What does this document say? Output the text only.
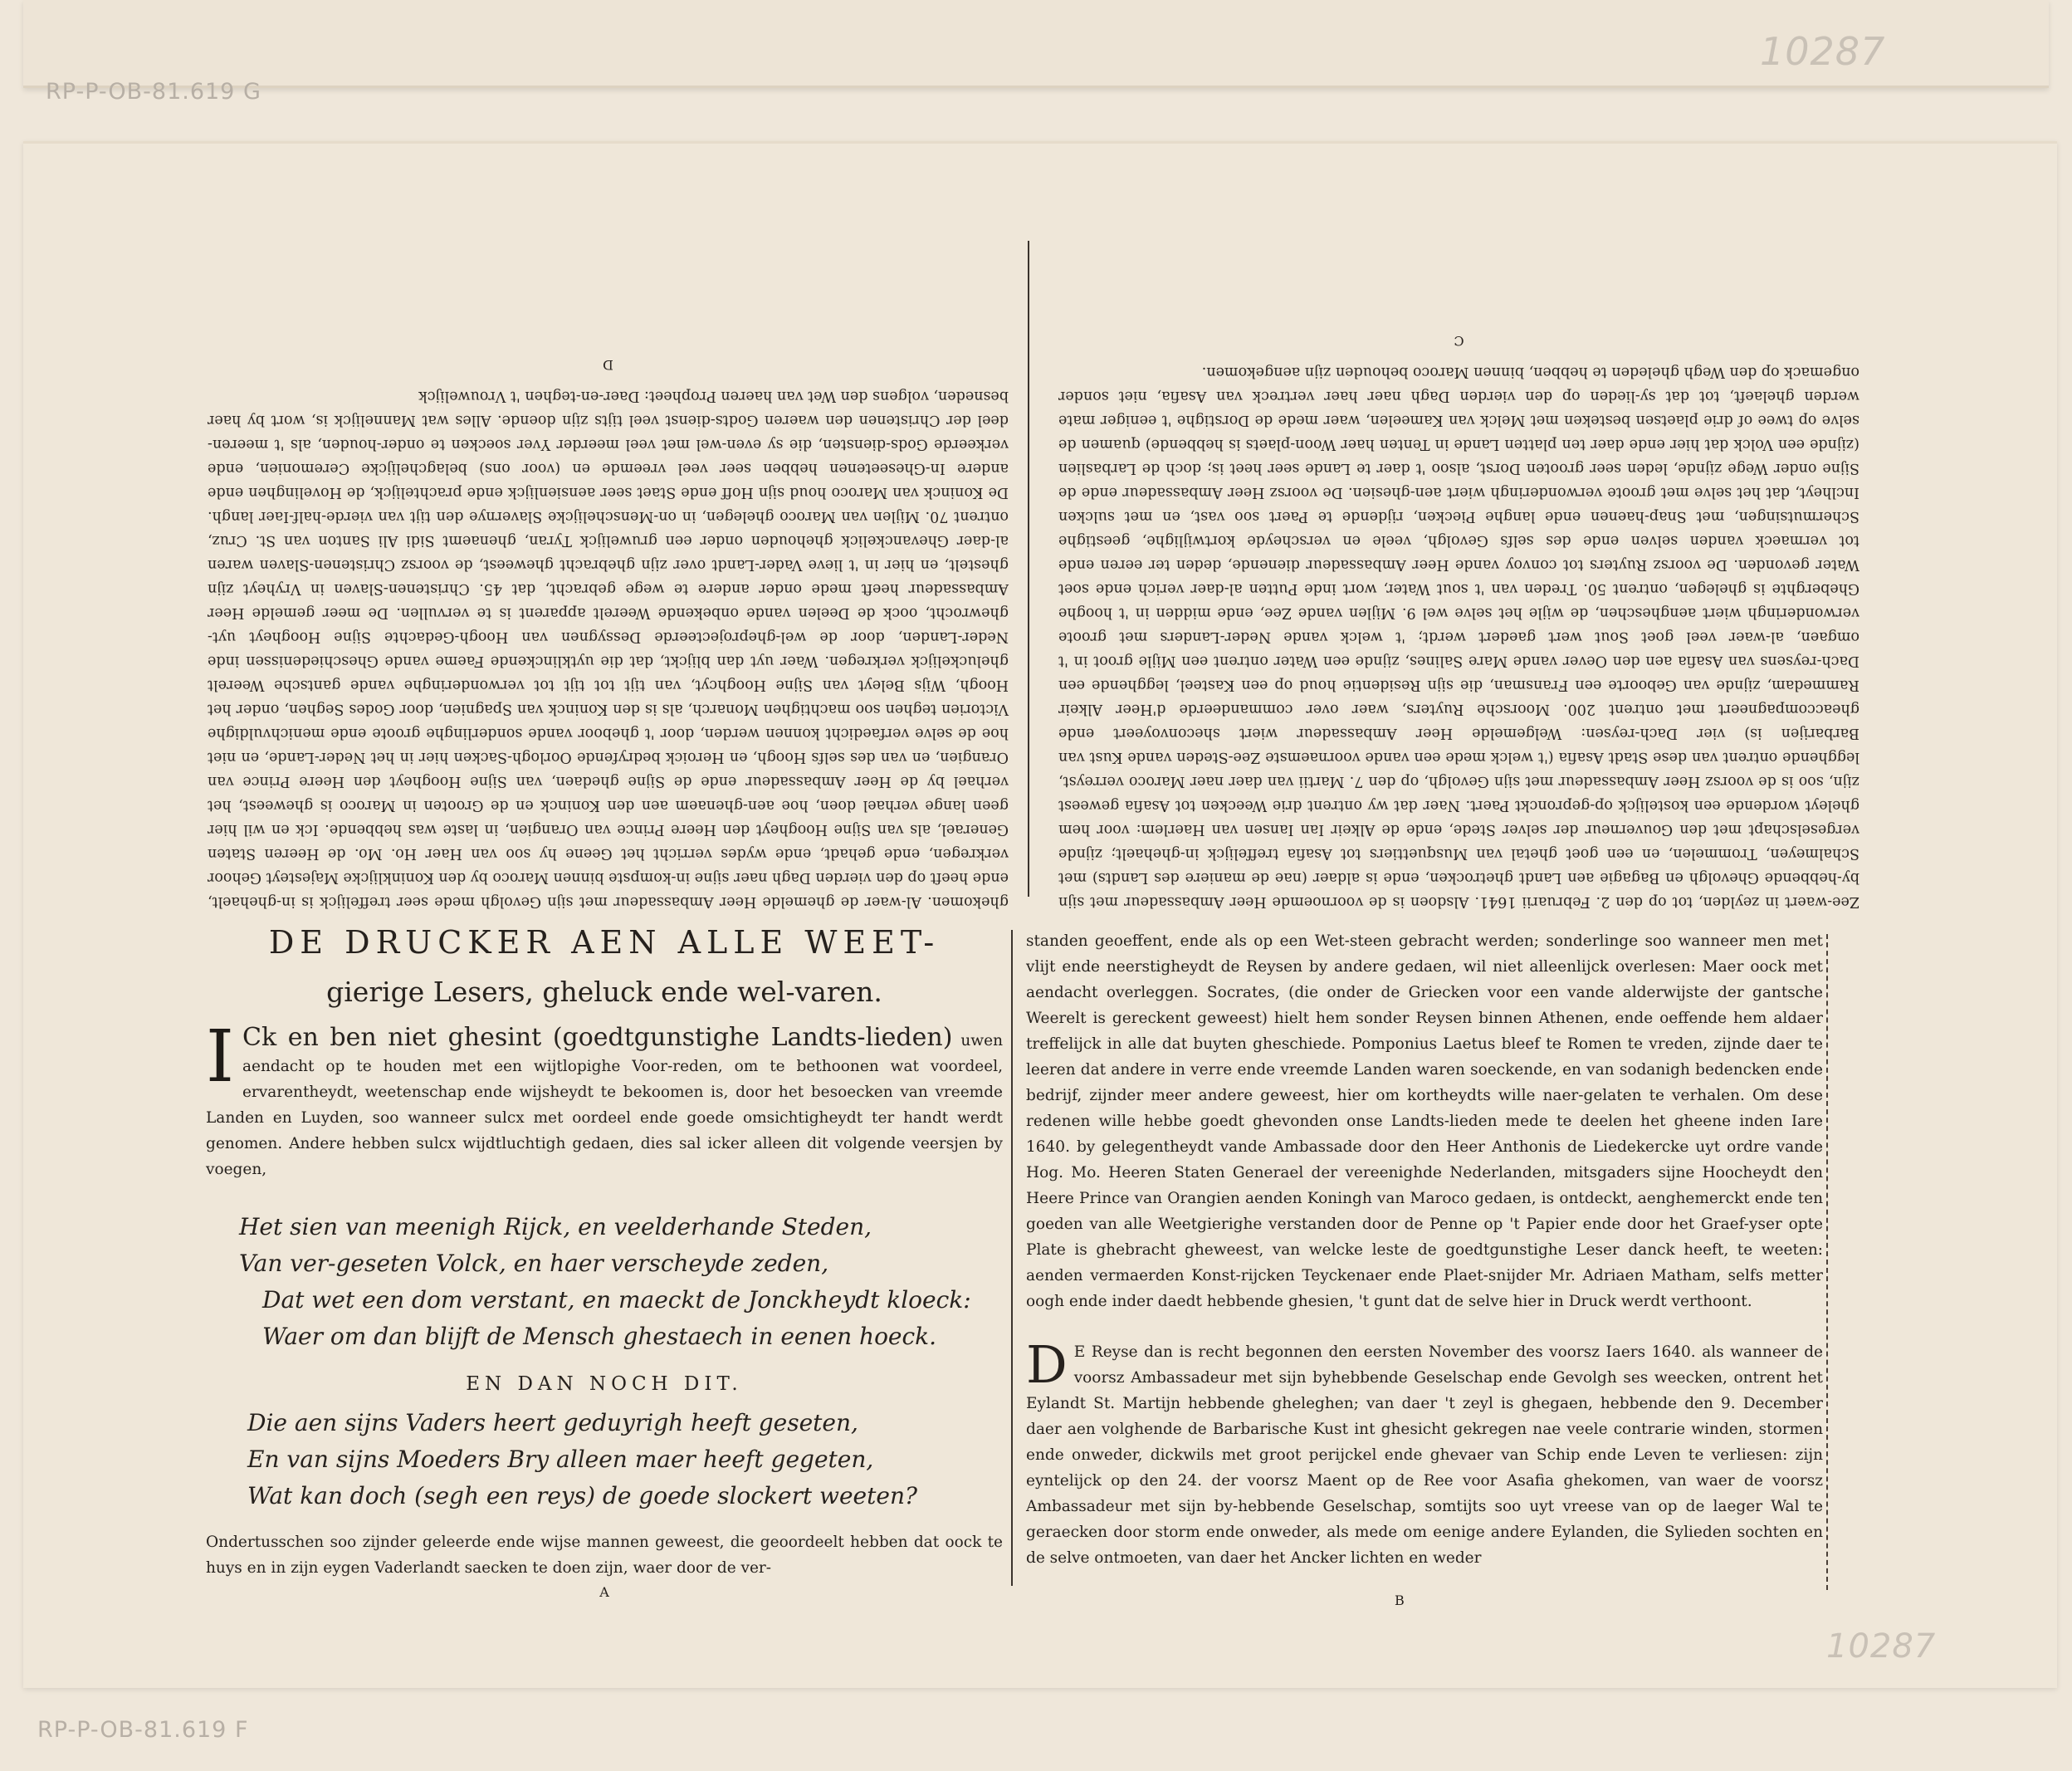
10287
RP-P-OB-81.619 G
Zee-waert in zeylden, tot op den 2. Februarii 1641. Alsdoen is de voornoemde Heer Ambassadeur met sijn by-hebbende Ghevolgh en Bagagie aen Landt ghetrocken, ende is aldaer (nae de maniere des Landts) met Schalmeyen, Trommelen, en een goet ghetal van Musquettiers tot Asafia treffelijck in-ghehaelt; zijnde vergeselschapt met den Gouverneur der selver Stede, ende de Alkeir Ian Iansen van Haerlem: voor hem gheleyt wordende een kostelijck op-gepronckt Paert. Naer dat wy ontrent drie Weecken tot Asafia geweest zijn, soo is de voorsz Heer Ambassadeur met sijn Gevolgh, op den 7. Martii van daer naer Maroco verreyst, legghende ontrent van dese Stadt Asafia ('t welck mede een vande voornaemste Zee-Steden vande Kust van Barbarijen is) vier Dach-reysen: Welgemelde Heer Ambassadeur wiert sheconvoyeert ende gheaccompagneert met ontrent 200. Moorsche Ruyters, waer over commandeerde d'Heer Alkeir Rammedam, zijnde van Geboorte een Fransman, die sijn Residentie houd op een Kasteel, legghende een Dach-reysens van Asafia aen den Oever vande Mare Salines, zijnde een Water ontrent een Mijle groot in 't omgaen, al-waer veel goet Sout wert gaedert werdt; 't welck vande Neder-Landers met groote verwonderingh wiert aengheschen, de wijle het selve wel 9. Mijlen vande Zee, ende midden in 't hooghe Gheberghte is ghelegen, ontrent 50. Treden van 't sout Water, wort inde Putten al-daer verich ende soet Water gevonden. De voorsz Ruyters tot convoy vande Heer Ambassadeur dienende, deden ter eeren ende tot vermaeck vanden selven ende des selfs Gevolgh, veele en verscheyde kortwijlighe, geestighe Schermutsingen, met Snap-haenen ende langhe Piecken, rijdende te Paert soo vast, en met sulcken Inclheyt, dat het selve met groote verwonderingh wiert aen-ghesien. De voorsz Heer Ambassadeur ende de Sijne onder Wege zijnde, leden seer grooten Dorst, alsoo 't daer te Lande seer heet is; doch de Larbaslien (zijnde een Volck dat hier ende daer ten platten Lande in Tenten haer Woon-plaets is hebbende) quamen de selve op twee of drie plaetsen besteken met Melck van Kameelen, waer mede de Dorstighe 't eeniger mate werden ghelaeft, tot dat sy-lieden op den vierden Dagh naer haer vertreck van Asafia, niet sonder ongemack op den Wegh gheleden te hebben, binnen Maroco behouden zijn aengekomen.
C
ghekomen. Al-waer de ghemelde Heer Ambassadeur met sijn Gevolgh mede seer treffelijck is in-ghehaelt, ende heeft op den vierden Dagh naer sijne in-kompste binnen Maroco by den Koninklijcke Majesteyt Gehoor verkregen, ende gehadt, ende wydes verricht het Geene hy soo van Haer Ho. Mo. de Heeren Staten Generael, als van Sijne Hoogheyt den Heere Prince van Orangien, in laste was hebbende. Ick en wil hier geen lange verhael doen, hoe aen-ghenaem aen den Koninck en de Grooten in Maroco is gheweest, het verhael by de Heer Ambassadeur ende de Sijne ghedaen, van Sijne Hoogheyt den Heere Prince van Orangien, en van des selfs Hoogh, en Heroick bedryfende Oorlogh-Sacken hier in het Neder-Lande, en niet hoe de selve verfaedicht konnen werden, door 't gheboor vande sonderlinghe groote ende menichvuldighe Victorien teghen soo machtighen Monarch, als is den Koninck van Spagnien, door Godes Seghen, onder het Hoogh, Wijs Beleyt van Sijne Hooghcyt, van tijt tot tijt tot verwonderinghe vande gantsche Weerelt gheluckelijck verkregen. Waer uyt dan blijckt, dat die uytklinckende Faeme vande Gheschiedenissen inde Neder-Landen, door de wel-gheprojecteerde Dessygnen van Hoogh-Gedachte Sijne Hoogheyt uyt-ghewrocht, oock de Deelen vande onbekende Weerelt apparent is te vervullen. De meer gemelde Heer Ambassadeur heeft mede onder andere te wege gebracht, dat 45. Christenen-Slaven in Vryheyt zijn ghestelt, en hier in 't lieve Vader-Landt over zijn ghebracht gheweest, de voorsz Christenen-Slaven waren al-daer Ghevanckelick ghehouden onder een gruwelijck Tyran, ghenaemt Sidi Ali Santon van St. Cruz, ontrent 70. Mijlen van Maroco ghelegen, in on-Menschelijcke Slavernye den tijt van vierde-half-Iaer langh. De Koninck van Maroco houd sijn Hoff ende Staet seer aensienlijck ende prachtelijck, de Hovelinghen ende andere In-Gheseetenen hebben seer veel vreemde en (voor ons) belagchelijcke Ceremonien, ende verkeerde Gods-diensten, die sy even-wel met veel meerder Yver soecken te onder-houden, als 't meeren-deel der Christenen den waeren Godts-dienst veel tijts zijn doende. Alles wat Mannelijck is, wort by haer besneden, volgens den Wet van haeren Propheet: Daer-en-teghen 't Vrouwelijck
D
DE DRUCKER AEN ALLE WEET-
gierige Lesers, gheluck ende wel-varen.
I Ck en ben niet ghesint (goedtgunstighe Landts-lieden) uwen aendacht op te houden met een wijtlopighe Voor-reden, om te bethoonen wat voordeel, ervarentheydt, weetenschap ende wijsheydt te bekoomen is, door het besoecken van vreemde Landen en Luyden, soo wanneer sulcx met oordeel ende goede omsichtigheydt ter handt werdt genomen. Andere hebben sulcx wijdtluchtigh gedaen, dies sal icker alleen dit volgende veersjen by voegen,
Het sien van meenigh Rijck, en veelderhande Steden,
Van ver-geseten Volck, en haer verscheyde zeden,
Dat wet een dom verstant, en maeckt de Jonckheydt kloeck:
Waer om dan blijft de Mensch ghestaech in eenen hoeck.
EN DAN NOCH DIT.
Die aen sijns Vaders heert geduyrigh heeft geseten,
En van sijns Moeders Bry alleen maer heeft gegeten,
Wat kan doch (segh een reys) de goede slockert weeten?
Ondertusschen soo zijnder geleerde ende wijse mannen geweest, die geoordeelt hebben dat oock te huys en in zijn eygen Vaderlandt saecken te doen zijn, waer door de ver-
A

standen geoeffent, ende als op een Wet-steen gebracht werden; sonderlinge soo wanneer men met vlijt ende neerstigheydt de Reysen by andere gedaen, wil niet alleenlijck overlesen: Maer oock met aendacht overleggen. Socrates, (die onder de Griecken voor een vande alderwijste der gantsche Weerelt is gereckent geweest) hielt hem sonder Reysen binnen Athenen, ende oeffende hem aldaer treffelijck in alle dat buyten gheschiede. Pomponius Laetus bleef te Romen te vreden, zijnde daer te leeren dat andere in verre ende vreemde Landen waren soeckende, en van sodanigh bedencken ende bedrijf, zijnder meer andere geweest, hier om kortheydts wille naer-gelaten te verhalen. Om dese redenen wille hebbe goedt ghevonden onse Landts-lieden mede te deelen het gheene inden Iare 1640. by gelegentheydt vande Ambassade door den Heer Anthonis de Liedekercke uyt ordre vande Hog. Mo. Heeren Staten Generael der vereenighde Nederlanden, mitsgaders sijne Hoocheydt den Heere Prince van Orangien aenden Koningh van Maroco gedaen, is ontdeckt, aenghemerckt ende ten goeden van alle Weetgierighe verstanden door de Penne op 't Papier ende door het Graef-yser opte Plate is ghebracht gheweest, van welcke leste de goedtgunstighe Leser danck heeft, te weeten: aenden vermaerden Konst-rijcken Teyckenaer ende Plaet-snijder Mr. Adriaen Matham, selfs metter oogh ende inder daedt hebbende ghesien, 't gunt dat de selve hier in Druck werdt verthoont.

D E Reyse dan is recht begonnen den eersten November des voorsz Iaers 1640. als wanneer de voorsz Ambassadeur met sijn byhebbende Geselschap ende Gevolgh ses weecken, ontrent het Eylandt St. Martijn hebbende gheleghen; van daer 't zeyl is ghegaen, hebbende den 9. December daer aen volghende de Barbarische Kust int ghesicht gekregen nae veele contrarie winden, stormen ende onweder, dickwils met groot perijckel ende ghevaer van Schip ende Leven te verliesen: zijn eyntelijck op den 24. der voorsz Maent op de Ree voor Asafia ghekomen, van waer de voorsz Ambassadeur met sijn by-hebbende Geselschap, somtijts soo uyt vreese van op de laeger Wal te geraecken door storm ende onweder, als mede om eenige andere Eylanden, die Sylieden sochten en de selve ontmoeten, van daer het Ancker lichten en weder

B
10287
RP-P-OB-81.619 F
